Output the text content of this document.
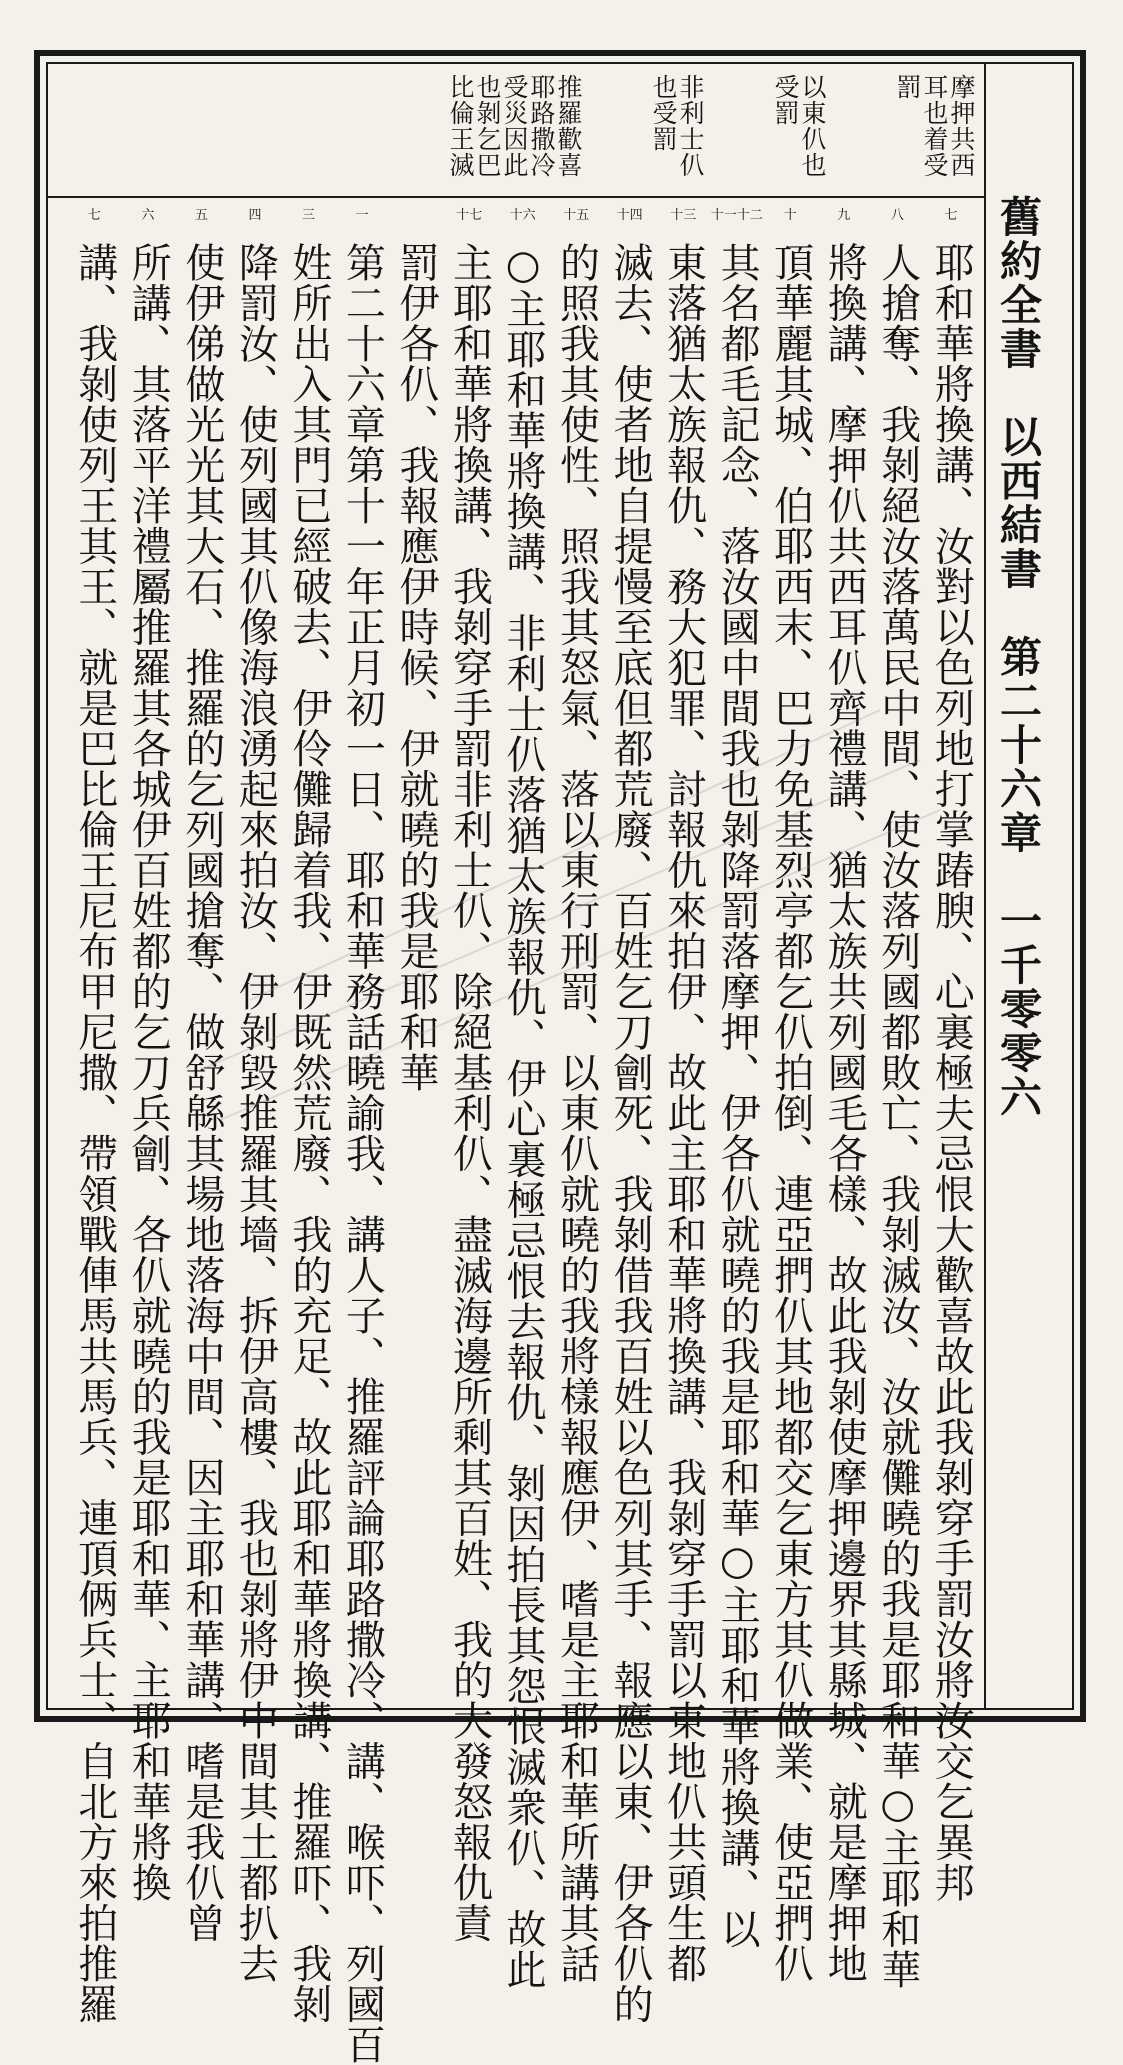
舊約全書　以西結書　第二十六章　一千零零六
摩押共西耳也着受罰
以東仈也受罰
非利士仈也受罰
推羅歡喜耶路撒冷受災因此也剝乞巴比倫王滅
七
耶和華將換講、汝對以色列地打掌踳腴、心裏極夫忌恨大歡喜故此我剝穿手罰汝將汝交乞異邦
八
人搶奪、我剝絕汝落萬民中間、使汝落列國都敗亡、我剝滅汝、汝就儺曉的我是耶和華○主耶和華
九
將換講、摩押仈共西耳仈齊禮講、猶太族共列國毛各樣、故此我剝使摩押邊界其縣城、就是摩押地
十
頂華麗其城、伯耶西末、巴力免基烈亭都乞仈拍倒、連亞捫仈其地都交乞東方其仈做業、使亞捫仈
十一十二
其名都毛記念、落汝國中間我也剝降罰落摩押、伊各仈就曉的我是耶和華○主耶和華將換講、以
十三
東落猶太族報仇、務大犯罪、討報仇來拍伊、故此主耶和華將換講、我剝穿手罰以東地仈共頭生都
十四
滅去、使者地自提慢至底但都荒廢、百姓乞刀劊死、我剝借我百姓以色列其手、報應以東、伊各仈的
十五
的照我其使性、照我其怒氣、落以東行刑罰、以東仈就曉的我將樣報應伊、嗜是主耶和華所講其話
十六
○主耶和華將換講、非利士仈落猶太族報仇、伊心裏極忌恨去報仇、剝因拍長其怨恨滅衆仈、故此
十七
主耶和華將換講、我剝穿手罰非利士仈、除絕基利仈、盡滅海邊所剩其百姓、我的大發怒報仇責
罰伊各仈、我報應伊時候、伊就曉的我是耶和華
一
第二十六章第十一年正月初一日、耶和華務話曉諭我、講人子、推羅評論耶路撒冷、講、喉吓、列國百
三
姓所出入其門已經破去、伊伶儺歸着我、伊既然荒廢、我的充足、故此耶和華將換講、推羅吓、我剝
四
降罰汝、使列國其仈像海浪湧起來拍汝、伊剝毀推羅其墻、拆伊高樓、我也剝將伊中間其土都扒去
五
使伊俤做光光其大石、推羅的乞列國搶奪、做舒緜其場地落海中間、因主耶和華講、嗜是我仈曾
六
所講、其落平洋禮屬推羅其各城伊百姓都的乞刀兵劊、各仈就曉的我是耶和華、主耶和華將換
七
講、我剝使列王其王、就是巴比倫王尼布甲尼撒、帶領戰俥馬共馬兵、連頂俩兵士、自北方來拍推羅
